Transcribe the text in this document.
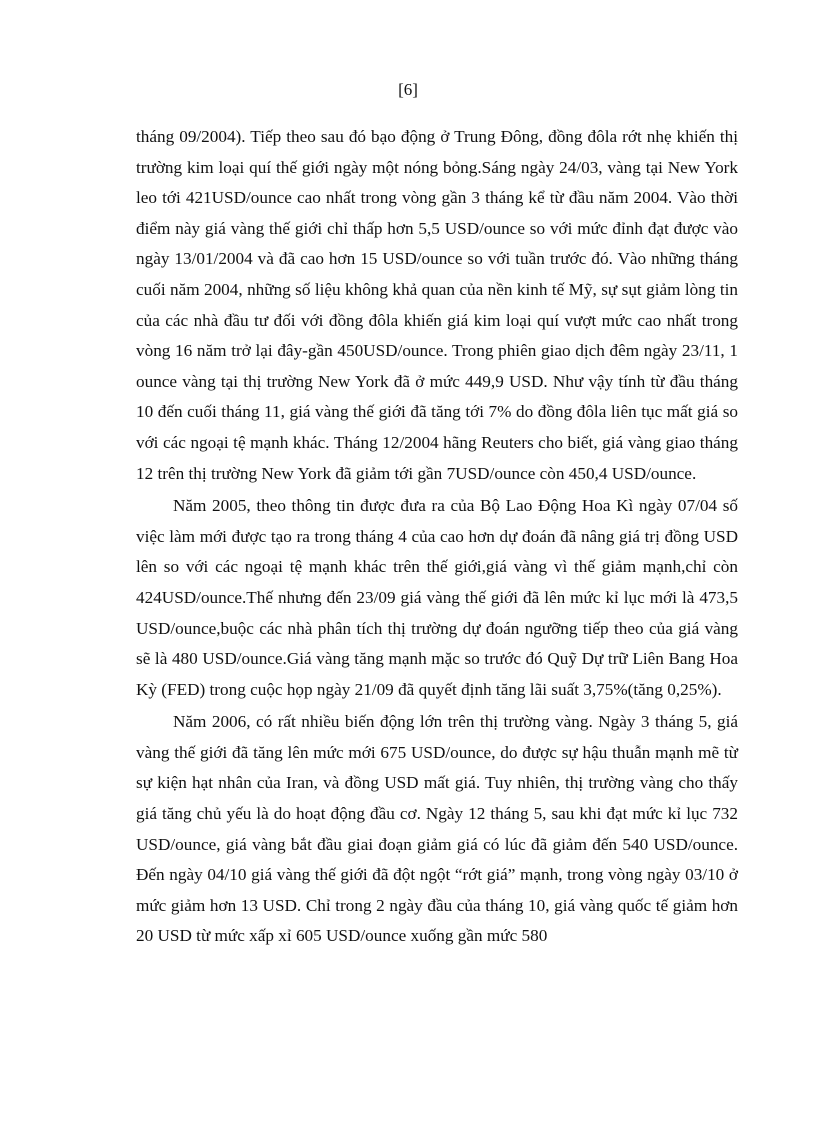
[6]

tháng 09/2004). Tiếp theo sau đó bạo động ở Trung Đông, đồng đôla rớt nhẹ khiến thị trường kim loại quí thế giới ngày một nóng bỏng.Sáng ngày 24/03, vàng tại New York leo tới 421USD/ounce cao nhất trong vòng gần 3 tháng kể từ đầu năm 2004. Vào thời điểm này giá vàng thế giới chỉ thấp hơn 5,5 USD/ounce so với mức đỉnh đạt được vào ngày 13/01/2004 và đã cao hơn 15 USD/ounce so với tuần trước đó. Vào những tháng cuối năm 2004, những số liệu không khả quan của nền kinh tế Mỹ, sự sụt giảm lòng tin của các nhà đầu tư đối với đồng đôla khiến giá kim loại quí vượt mức cao nhất trong vòng 16 năm trở lại đây-gần 450USD/ounce. Trong phiên giao dịch đêm ngày 23/11, 1 ounce vàng tại thị trường New York đã ở mức 449,9 USD. Như vậy tính từ đầu tháng 10 đến cuối tháng 11, giá vàng thế giới đã tăng tới 7% do đồng đôla liên tục mất giá so với các ngoại tệ mạnh khác. Tháng 12/2004 hãng Reuters cho biết, giá vàng giao tháng 12 trên thị trường New York đã giảm tới gần 7USD/ounce còn 450,4 USD/ounce.

Năm 2005, theo thông tin được đưa ra của Bộ Lao Động Hoa Kì ngày 07/04 số việc làm mới được tạo ra trong tháng 4 của cao hơn dự đoán đã nâng giá trị đồng USD lên so với các ngoại tệ mạnh khác trên thế giới,giá vàng vì thế giảm mạnh,chỉ còn 424USD/ounce.Thế nhưng đến 23/09 giá vàng thế giới đã lên mức kỉ lục mới là 473,5 USD/ounce,buộc các nhà phân tích thị trường dự đoán ngưỡng tiếp theo của giá vàng sẽ là 480 USD/ounce.Giá vàng tăng mạnh mặc so trước đó Quỹ Dự trữ Liên Bang Hoa Kỳ (FED) trong cuộc họp ngày 21/09 đã quyết định tăng lãi suất 3,75%(tăng 0,25%).

Năm 2006, có rất nhiều biến động lớn trên thị trường vàng. Ngày 3 tháng 5, giá vàng thế giới đã tăng lên mức mới 675 USD/ounce, do được sự hậu thuẫn mạnh mẽ từ sự kiện hạt nhân của Iran, và đồng USD mất giá. Tuy nhiên, thị trường vàng cho thấy giá tăng chủ yếu là do hoạt động đầu cơ. Ngày 12 tháng 5, sau khi đạt mức kỉ lục 732 USD/ounce, giá vàng bắt đầu giai đoạn giảm giá có lúc đã giảm đến 540 USD/ounce. Đến ngày 04/10 giá vàng thế giới đã đột ngột “rớt giá” mạnh, trong vòng ngày 03/10 ở mức giảm hơn 13 USD. Chỉ trong 2 ngày đầu của tháng 10, giá vàng quốc tế giảm hơn 20 USD từ mức xấp xỉ 605 USD/ounce xuống gần mức 580
